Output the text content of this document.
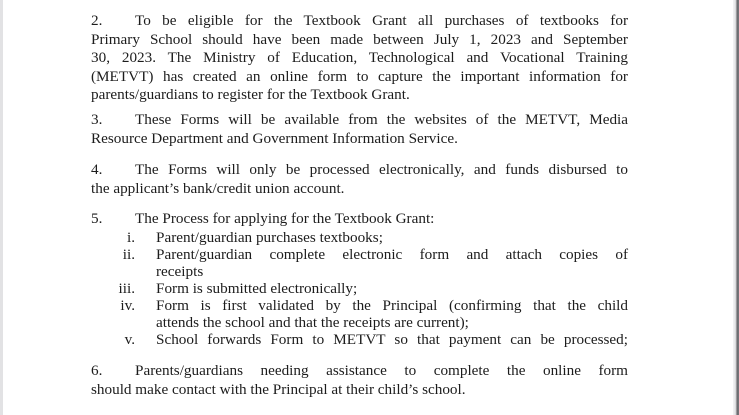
2. To be eligible for the Textbook Grant all purchases of textbooks for
Primary School should have been made between July 1, 2023 and September
30, 2023. The Ministry of Education, Technological and Vocational Training
(METVT) has created an online form to capture the important information for
parents/guardians to register for the Textbook Grant.
3. These Forms will be available from the websites of the METVT, Media
Resource Department and Government Information Service.
4. The Forms will only be processed electronically, and funds disbursed to
the applicant’s bank/credit union account.
5. The Process for applying for the Textbook Grant:
i. Parent/guardian purchases textbooks;
ii. Parent/guardian complete electronic form and attach copies of
receipts
iii. Form is submitted electronically;
iv. Form is first validated by the Principal (confirming that the child
attends the school and that the receipts are current);
v. School forwards Form to METVT so that payment can be processed;
6. Parents/guardians needing assistance to complete the online form
should make contact with the Principal at their child’s school.
